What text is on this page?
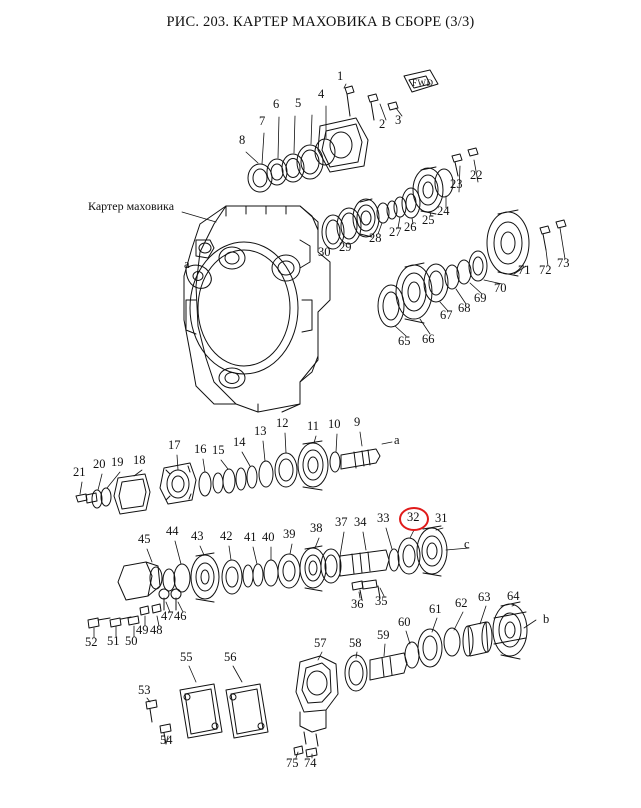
РИС. 203. КАРТЕР МАХОВИКА В СБОРЕ (3/3)
Картер маховика
FWD
a
a
b
c
1
2 3
4
5
6
7
8
9
10
11
12
13
14
15
16
17
18
19
20
21
22
23
24
25
26
27
28
29
30
31
32
33
34
35
36
37
38
39
40
41
42
43
44
45
46
47
48
49
50
51
52
53
54
55	56
57 58
59
60
61 62 63 64
65 66
67 68
69
70
71 72 73
74
75
